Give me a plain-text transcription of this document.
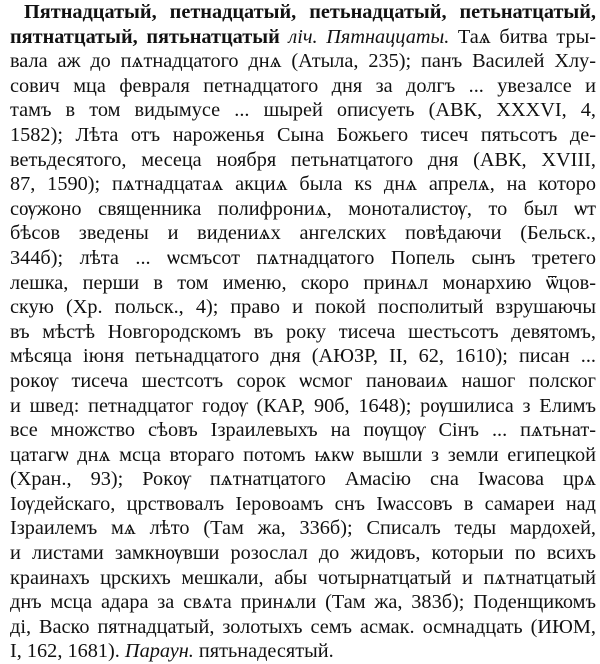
Пятнадцатый, петнадцатый, петьнадцатый, петьнатцатый,
пятнатцатый, пятьнатцатый ліч. Пятнаццаты. Таѧ битва тры-
вала аж до пѧтнадцатого днѧ (Атыла, 235); панъ Василей Хлу-
сович мца февраля петнадцатого дня за долгъ ... увезалсе и
тамъ в том видымусе ... шырей описуеть (АВК, XXXVI, 4,
1582); Лѣта отъ нароженья Сына Божьего тисеч пятьсотъ де-
ветьдесятого, месеца ноября петьнатцатого дня (АВК, XVIII,
87, 1590); пѧтнадцатаѧ акциѧ была кѕ днѧ апрелѧ, на которо
сѹжоно священника полифрониѧ, моноталистѹ, то был ѡт
бѣсов зведены и видениѧх ангелских повѣдаючи (Бельск.,
344б); лѣта ... ѡсмъсот пѧтнадцатого Попель сынъ третего
лешка, перши в том именю, скоро принѧл монархию ѿцов-
скую (Хр. польск., 4); право и покой посполитый взрушаючы
въ мѣстѣ Новгородскомъ въ року тисеча шестьсотъ девятомъ,
мѣсяца іюня петьнадцатого дня (АЮЗР, II, 62, 1610); писан ...
рокѹ тисеча шестсотъ сорок ѡсмог пановаиѧ нашог полског
и швед: петнадцатог годѹ (КАР, 90б, 1648); рѹшилиса з Елимъ
все множство сѣовъ Ізраилевыхъ на пѹщѹ Сінъ ... пѧтьнат-
цатагѡ днѧ мсца втораго потомъ ѩкѡ вышли з земли египецкой
(Хран., 93); Рокѹ пѧтнатцатого Амасію сна Іѡасова црѧ
Іѹдейскаго, црствовалъ Іеровоамъ снъ Іѡассовъ в самареи над
Ізраилемъ мѧ лѣто (Там жа, 336б); Списалъ теды мардохей,
и листами замкнѹвши розослал до жидовъ, которыи по всихъ
краинахъ црскихъ мешкали, абы чотырнатцатый и пѧтнатцатый
днъ мсца адара за свѧта принѧли (Там жа, 383б); Поденщикомъ
ді, Васко пятнадцатый, золотыхъ семъ асмак. осмнадцать (ИЮМ,
I, 162, 1681). Параун. пятьнадесятый.
